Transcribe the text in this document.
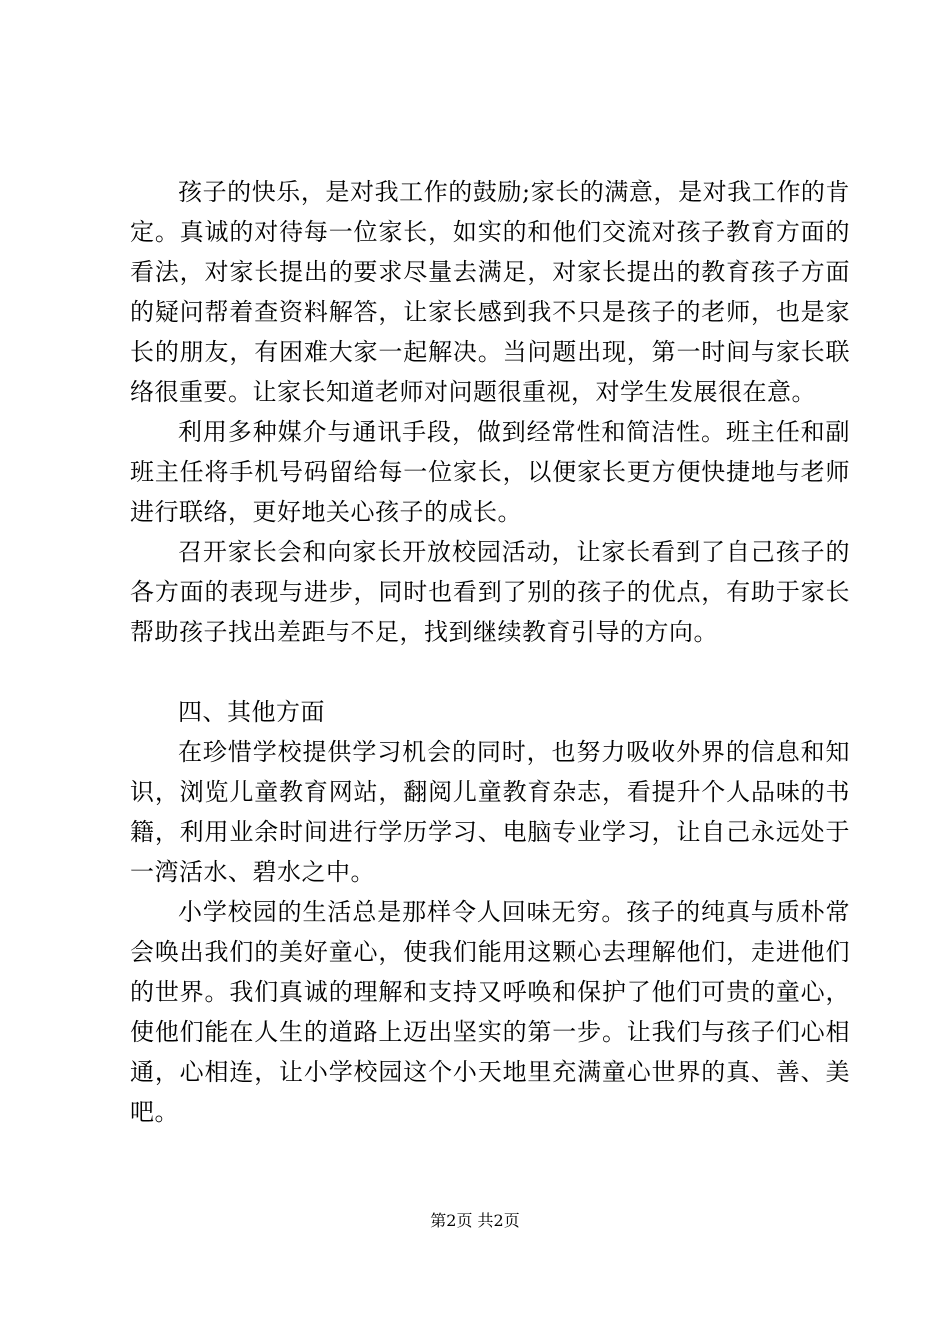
孩子的快乐，是对我工作的鼓励;家长的满意，是对我工作的肯定。真诚的对待每一位家长，如实的和他们交流对孩子教育方面的看法，对家长提出的要求尽量去满足，对家长提出的教育孩子方面的疑问帮着查资料解答，让家长感到我不只是孩子的老师，也是家长的朋友，有困难大家一起解决。当问题出现，第一时间与家长联络很重要。让家长知道老师对问题很重视，对学生发展很在意。

利用多种媒介与通讯手段，做到经常性和简洁性。班主任和副班主任将手机号码留给每一位家长，以便家长更方便快捷地与老师进行联络，更好地关心孩子的成长。

召开家长会和向家长开放校园活动，让家长看到了自己孩子的各方面的表现与进步，同时也看到了别的孩子的优点，有助于家长帮助孩子找出差距与不足，找到继续教育引导的方向。

四、其他方面

在珍惜学校提供学习机会的同时，也努力吸收外界的信息和知识，浏览儿童教育网站，翻阅儿童教育杂志，看提升个人品味的书籍，利用业余时间进行学历学习、电脑专业学习，让自己永远处于一湾活水、碧水之中。

小学校园的生活总是那样令人回味无穷。孩子的纯真与质朴常会唤出我们的美好童心，使我们能用这颗心去理解他们，走进他们的世界。我们真诚的理解和支持又呼唤和保护了他们可贵的童心，使他们能在人生的道路上迈出坚实的第一步。让我们与孩子们心相通，心相连，让小学校园这个小天地里充满童心世界的真、善、美吧。

第2页 共2页
